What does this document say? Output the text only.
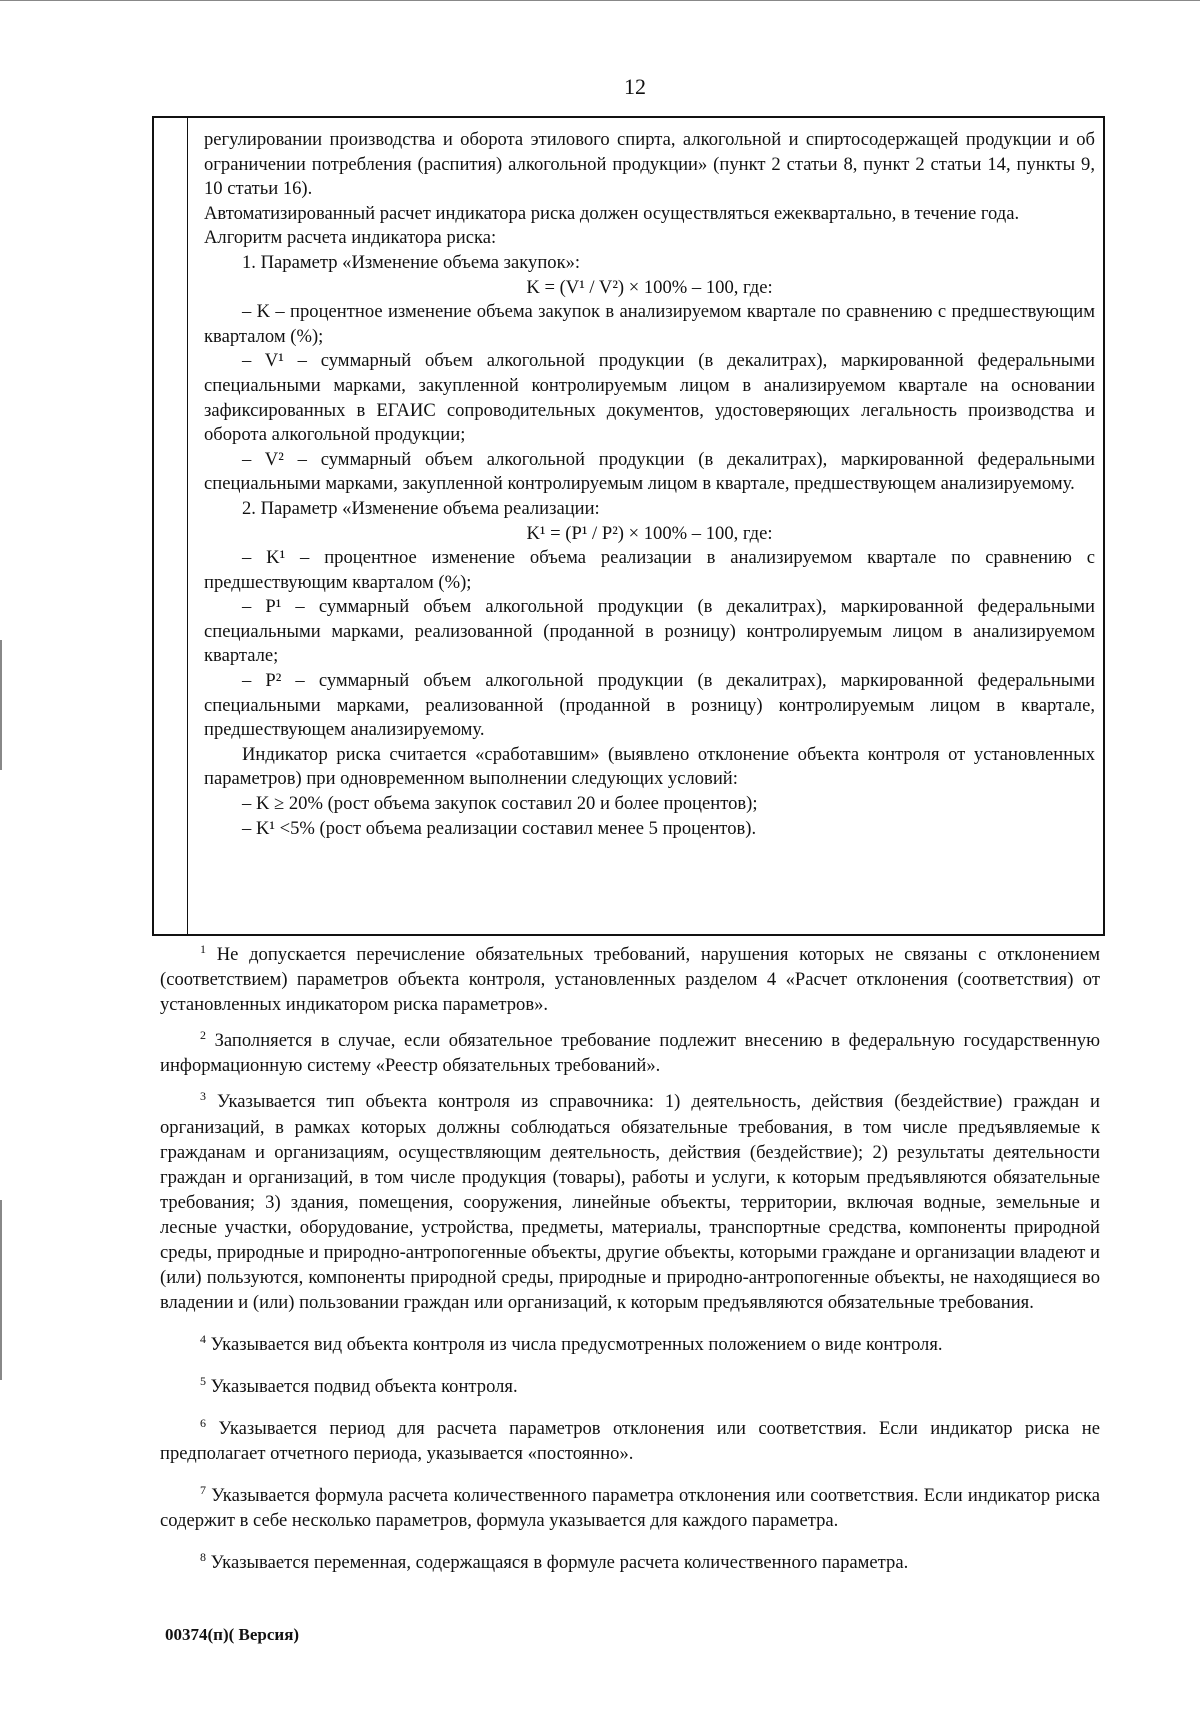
12

регулировании производства и оборота этилового спирта, алкогольной и спиртосодержащей продукции и об ограничении потребления (распития) алкогольной продукции» (пункт 2 статьи 8, пункт 2 статьи 14, пункты 9, 10 статьи 16).

Автоматизированный расчет индикатора риска должен осуществляться ежеквартально, в течение года.

Алгоритм расчета индикатора риска:

1. Параметр «Изменение объема закупок»:

K = (V¹ / V²) × 100% – 100, где:

– K – процентное изменение объема закупок в анализируемом квартале по сравнению с предшествующим кварталом (%);

– V¹ – суммарный объем алкогольной продукции (в декалитрах), маркированной федеральными специальными марками, закупленной контролируемым лицом в анализируемом квартале на основании зафиксированных в ЕГАИС сопроводительных документов, удостоверяющих легальность производства и оборота алкогольной продукции;

– V² – суммарный объем алкогольной продукции (в декалитрах), маркированной федеральными специальными марками, закупленной контролируемым лицом в квартале, предшествующем анализируемому.

2. Параметр «Изменение объема реализации:

K¹ = (P¹ / P²) × 100% – 100, где:

– K¹ – процентное изменение объема реализации в анализируемом квартале по сравнению с предшествующим кварталом (%);

– P¹ – суммарный объем алкогольной продукции (в декалитрах), маркированной федеральными специальными марками, реализованной (проданной в розницу) контролируемым лицом в анализируемом квартале;

– P² – суммарный объем алкогольной продукции (в декалитрах), маркированной федеральными специальными марками, реализованной (проданной в розницу) контролируемым лицом в квартале, предшествующем анализируемому.

Индикатор риска считается «сработавшим» (выявлено отклонение объекта контроля от установленных параметров) при одновременном выполнении следующих условий:

– K ≥ 20% (рост объема закупок составил 20 и более процентов);

– K¹ <5% (рост объема реализации составил менее 5 процентов).

$^1$ Не допускается перечисление обязательных требований, нарушения которых не связаны с отклонением (соответствием) параметров объекта контроля, установленных разделом 4 «Расчет отклонения (соответствия) от установленных индикатором риска параметров».

$^2$ Заполняется в случае, если обязательное требование подлежит внесению в федеральную государственную информационную систему «Реестр обязательных требований».

$^3$ Указывается тип объекта контроля из справочника: 1) деятельность, действия (бездействие) граждан и организаций, в рамках которых должны соблюдаться обязательные требования, в том числе предъявляемые к гражданам и организациям, осуществляющим деятельность, действия (бездействие); 2) результаты деятельности граждан и организаций, в том числе продукция (товары), работы и услуги, к которым предъявляются обязательные требования; 3) здания, помещения, сооружения, линейные объекты, территории, включая водные, земельные и лесные участки, оборудование, устройства, предметы, материалы, транспортные средства, компоненты природной среды, природные и природно-антропогенные объекты, другие объекты, которыми граждане и организации владеют и (или) пользуются, компоненты природной среды, природные и природно-антропогенные объекты, не находящиеся во владении и (или) пользовании граждан или организаций, к которым предъявляются обязательные требования.

$^4$ Указывается вид объекта контроля из числа предусмотренных положением о виде контроля.

$^5$ Указывается подвид объекта контроля.

$^6$ Указывается период для расчета параметров отклонения или соответствия. Если индикатор риска не предполагает отчетного периода, указывается «постоянно».

$^7$ Указывается формула расчета количественного параметра отклонения или соответствия. Если индикатор риска содержит в себе несколько параметров, формула указывается для каждого параметра.

$^8$ Указывается переменная, содержащаяся в формуле расчета количественного параметра.

00374(п)( Версия)
